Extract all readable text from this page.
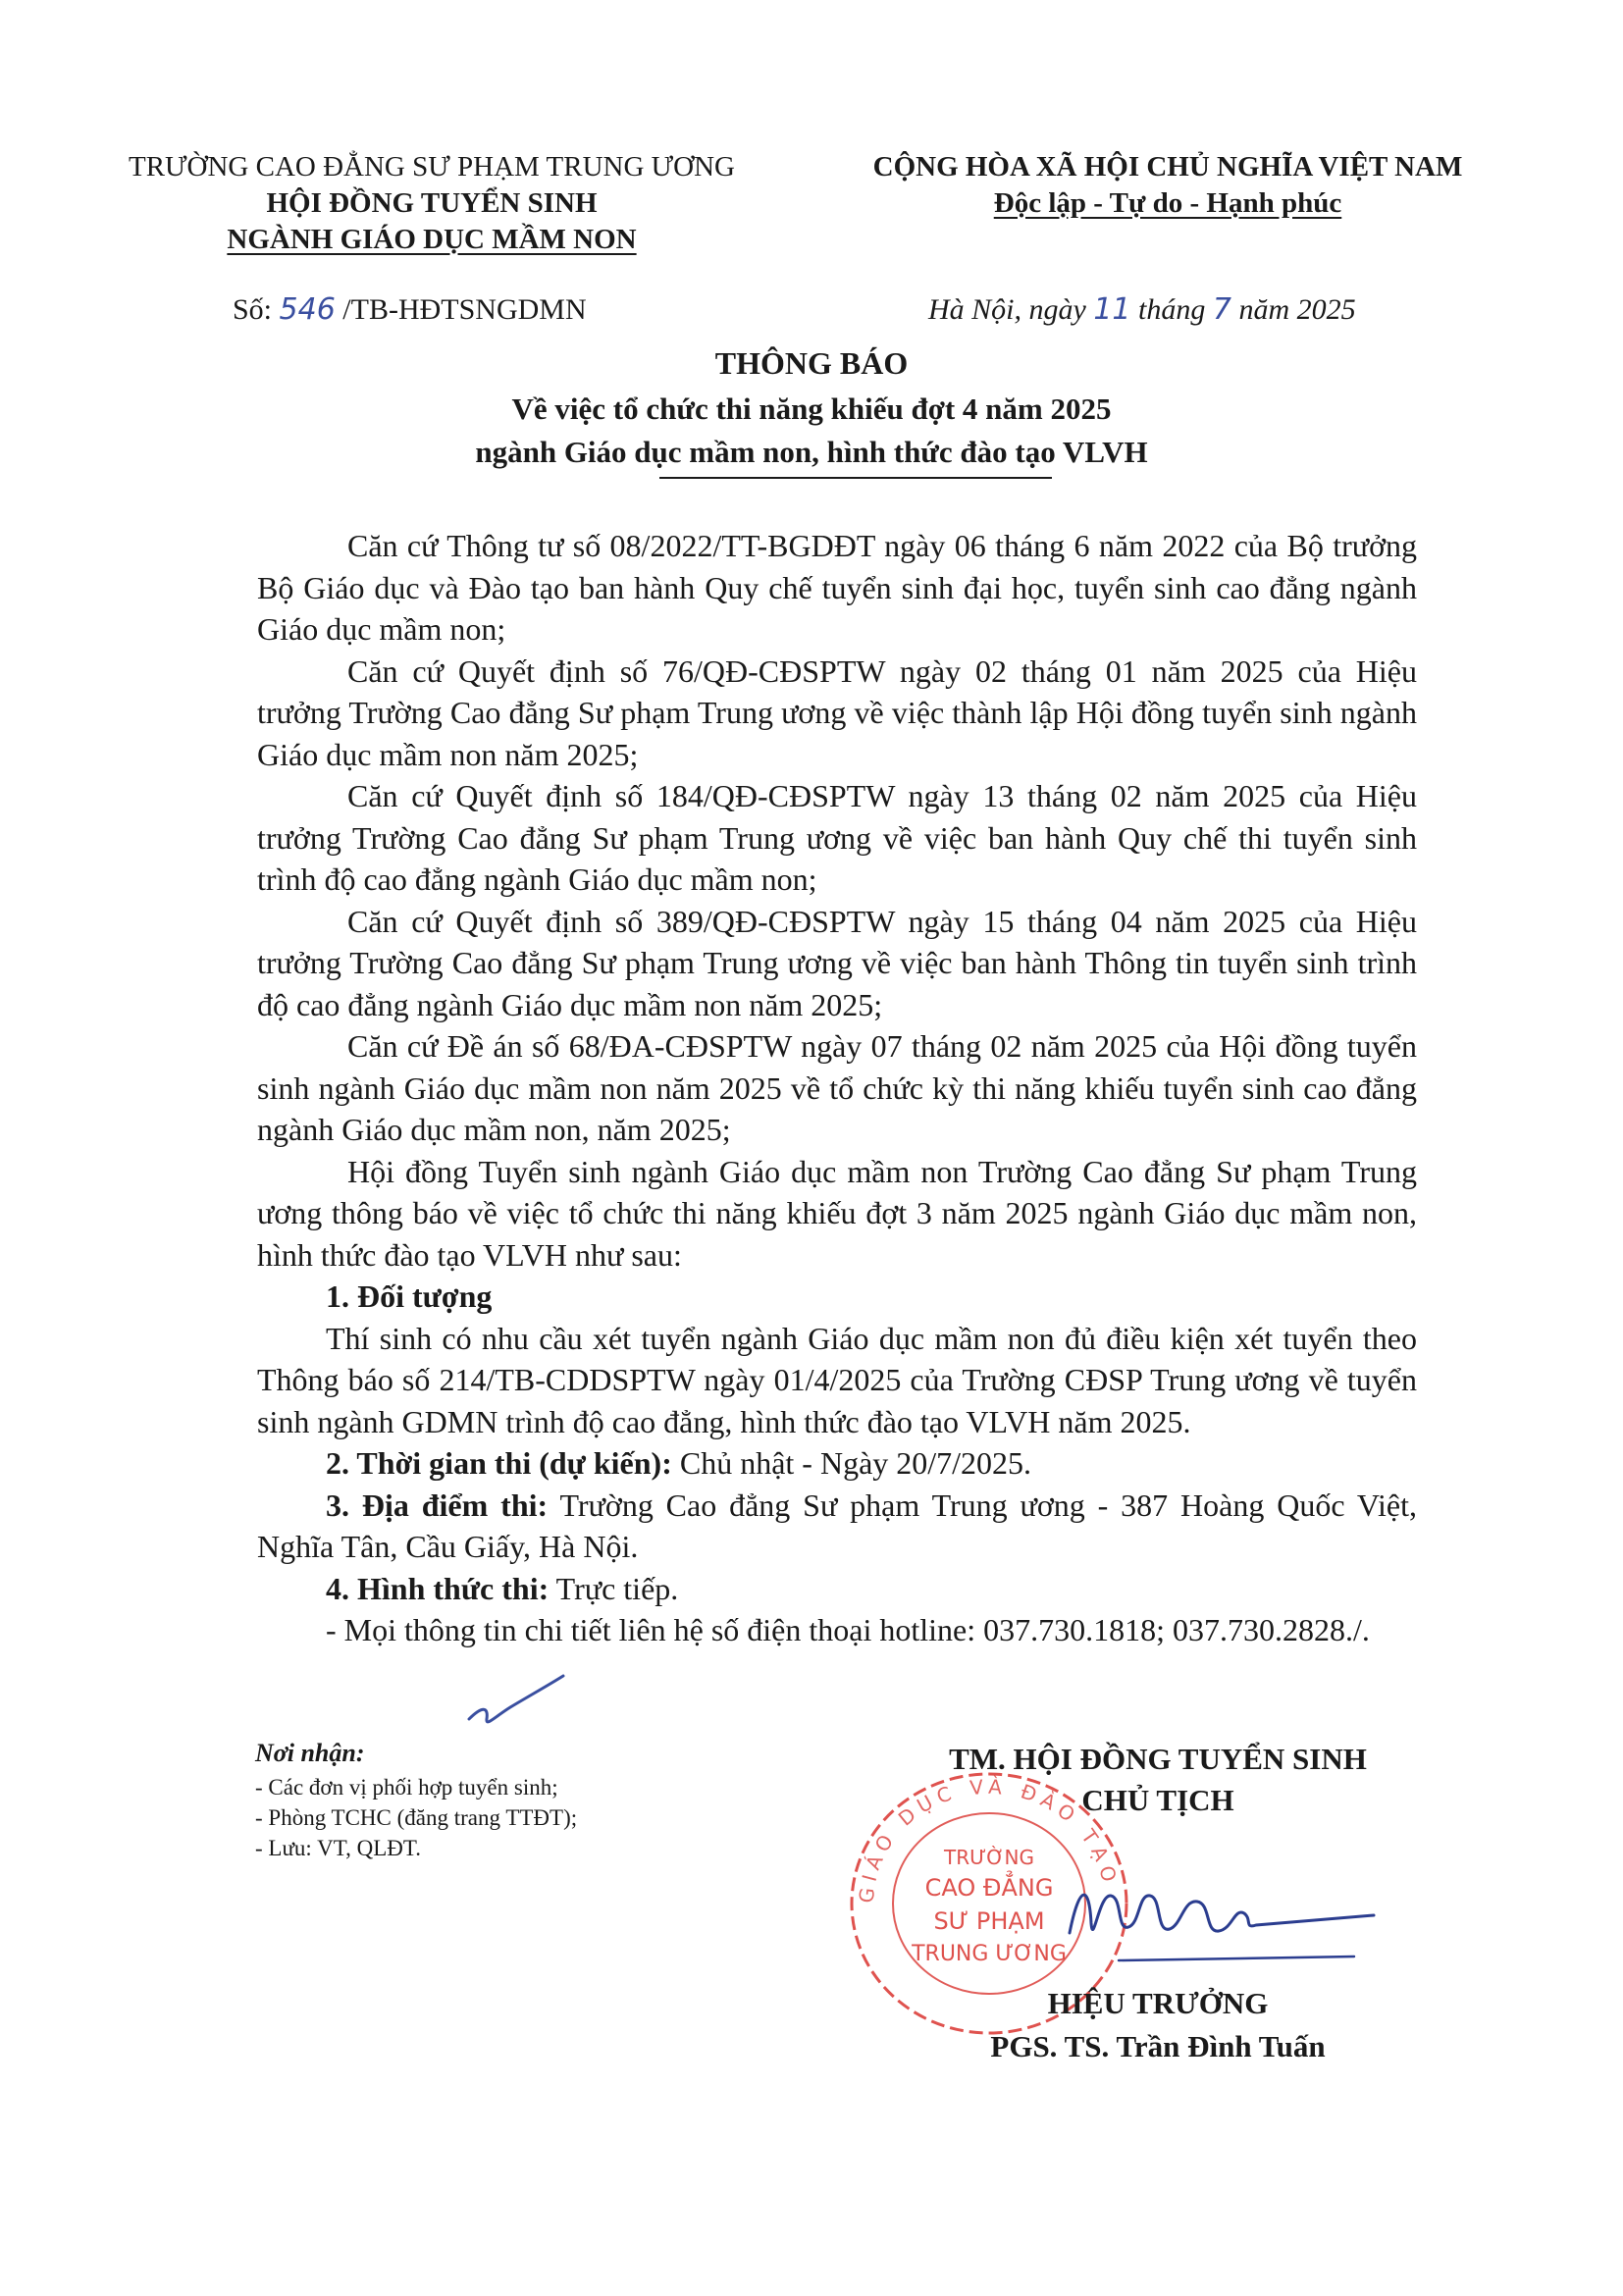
TRƯỜNG CAO ĐẲNG SƯ PHẠM TRUNG ƯƠNG
HỘI ĐỒNG TUYỂN SINH
NGÀNH GIÁO DỤC MẦM NON
CỘNG HÒA XÃ HỘI CHỦ NGHĨA VIỆT NAM
Độc lập - Tự do - Hạnh phúc
Số: 546 /TB-HĐTSNGDMN	Hà Nội, ngày 11 tháng 7 năm 2025
THÔNG BÁO
Về việc tổ chức thi năng khiếu đợt 4 năm 2025
ngành Giáo dục mầm non, hình thức đào tạo VLVH

Căn cứ Thông tư số 08/2022/TT-BGDĐT ngày 06 tháng 6 năm 2022 của Bộ trưởng Bộ Giáo dục và Đào tạo ban hành Quy chế tuyển sinh đại học, tuyển sinh cao đẳng ngành Giáo dục mầm non;

Căn cứ Quyết định số 76/QĐ-CĐSPTW ngày 02 tháng 01 năm 2025 của Hiệu trưởng Trường Cao đẳng Sư phạm Trung ương về việc thành lập Hội đồng tuyển sinh ngành Giáo dục mầm non năm 2025;

Căn cứ Quyết định số 184/QĐ-CĐSPTW ngày 13 tháng 02 năm 2025 của Hiệu trưởng Trường Cao đẳng Sư phạm Trung ương về việc ban hành Quy chế thi tuyển sinh trình độ cao đẳng ngành Giáo dục mầm non;

Căn cứ Quyết định số 389/QĐ-CĐSPTW ngày 15 tháng 04 năm 2025 của Hiệu trưởng Trường Cao đẳng Sư phạm Trung ương về việc ban hành Thông tin tuyển sinh trình độ cao đẳng ngành Giáo dục mầm non năm 2025;

Căn cứ Đề án số 68/ĐA-CĐSPTW ngày 07 tháng 02 năm 2025 của Hội đồng tuyển sinh ngành Giáo dục mầm non năm 2025 về tổ chức kỳ thi năng khiếu tuyển sinh cao đẳng ngành Giáo dục mầm non, năm 2025;

Hội đồng Tuyển sinh ngành Giáo dục mầm non Trường Cao đẳng Sư phạm Trung ương thông báo về việc tổ chức thi năng khiếu đợt 3 năm 2025 ngành Giáo dục mầm non, hình thức đào tạo VLVH như sau:

1. Đối tượng

Thí sinh có nhu cầu xét tuyển ngành Giáo dục mầm non đủ điều kiện xét tuyển theo Thông báo số 214/TB-CDDSPTW ngày 01/4/2025 của Trường CĐSP Trung ương về tuyển sinh ngành GDMN trình độ cao đẳng, hình thức đào tạo VLVH năm 2025.

2. Thời gian thi (dự kiến): Chủ nhật - Ngày 20/7/2025.

3. Địa điểm thi: Trường Cao đẳng Sư phạm Trung ương - 387 Hoàng Quốc Việt, Nghĩa Tân, Cầu Giấy, Hà Nội.

4. Hình thức thi: Trực tiếp.

- Mọi thông tin chi tiết liên hệ số điện thoại hotline: 037.730.1818; 037.730.2828./.

Nơi nhận:
- Các đơn vị phối hợp tuyển sinh;
- Phòng TCHC (đăng trang TTĐT);
- Lưu: VT, QLĐT.
TM. HỘI ĐỒNG TUYỂN SINH
CHỦ TỊCH
GIÁO DỤC VÀ ĐÀO TẠO
TRƯỜNG
CAO ĐẲNG
SƯ PHẠM
TRUNG ƯƠNG
HIỆU TRƯỞNG
PGS. TS. Trần Đình Tuấn
